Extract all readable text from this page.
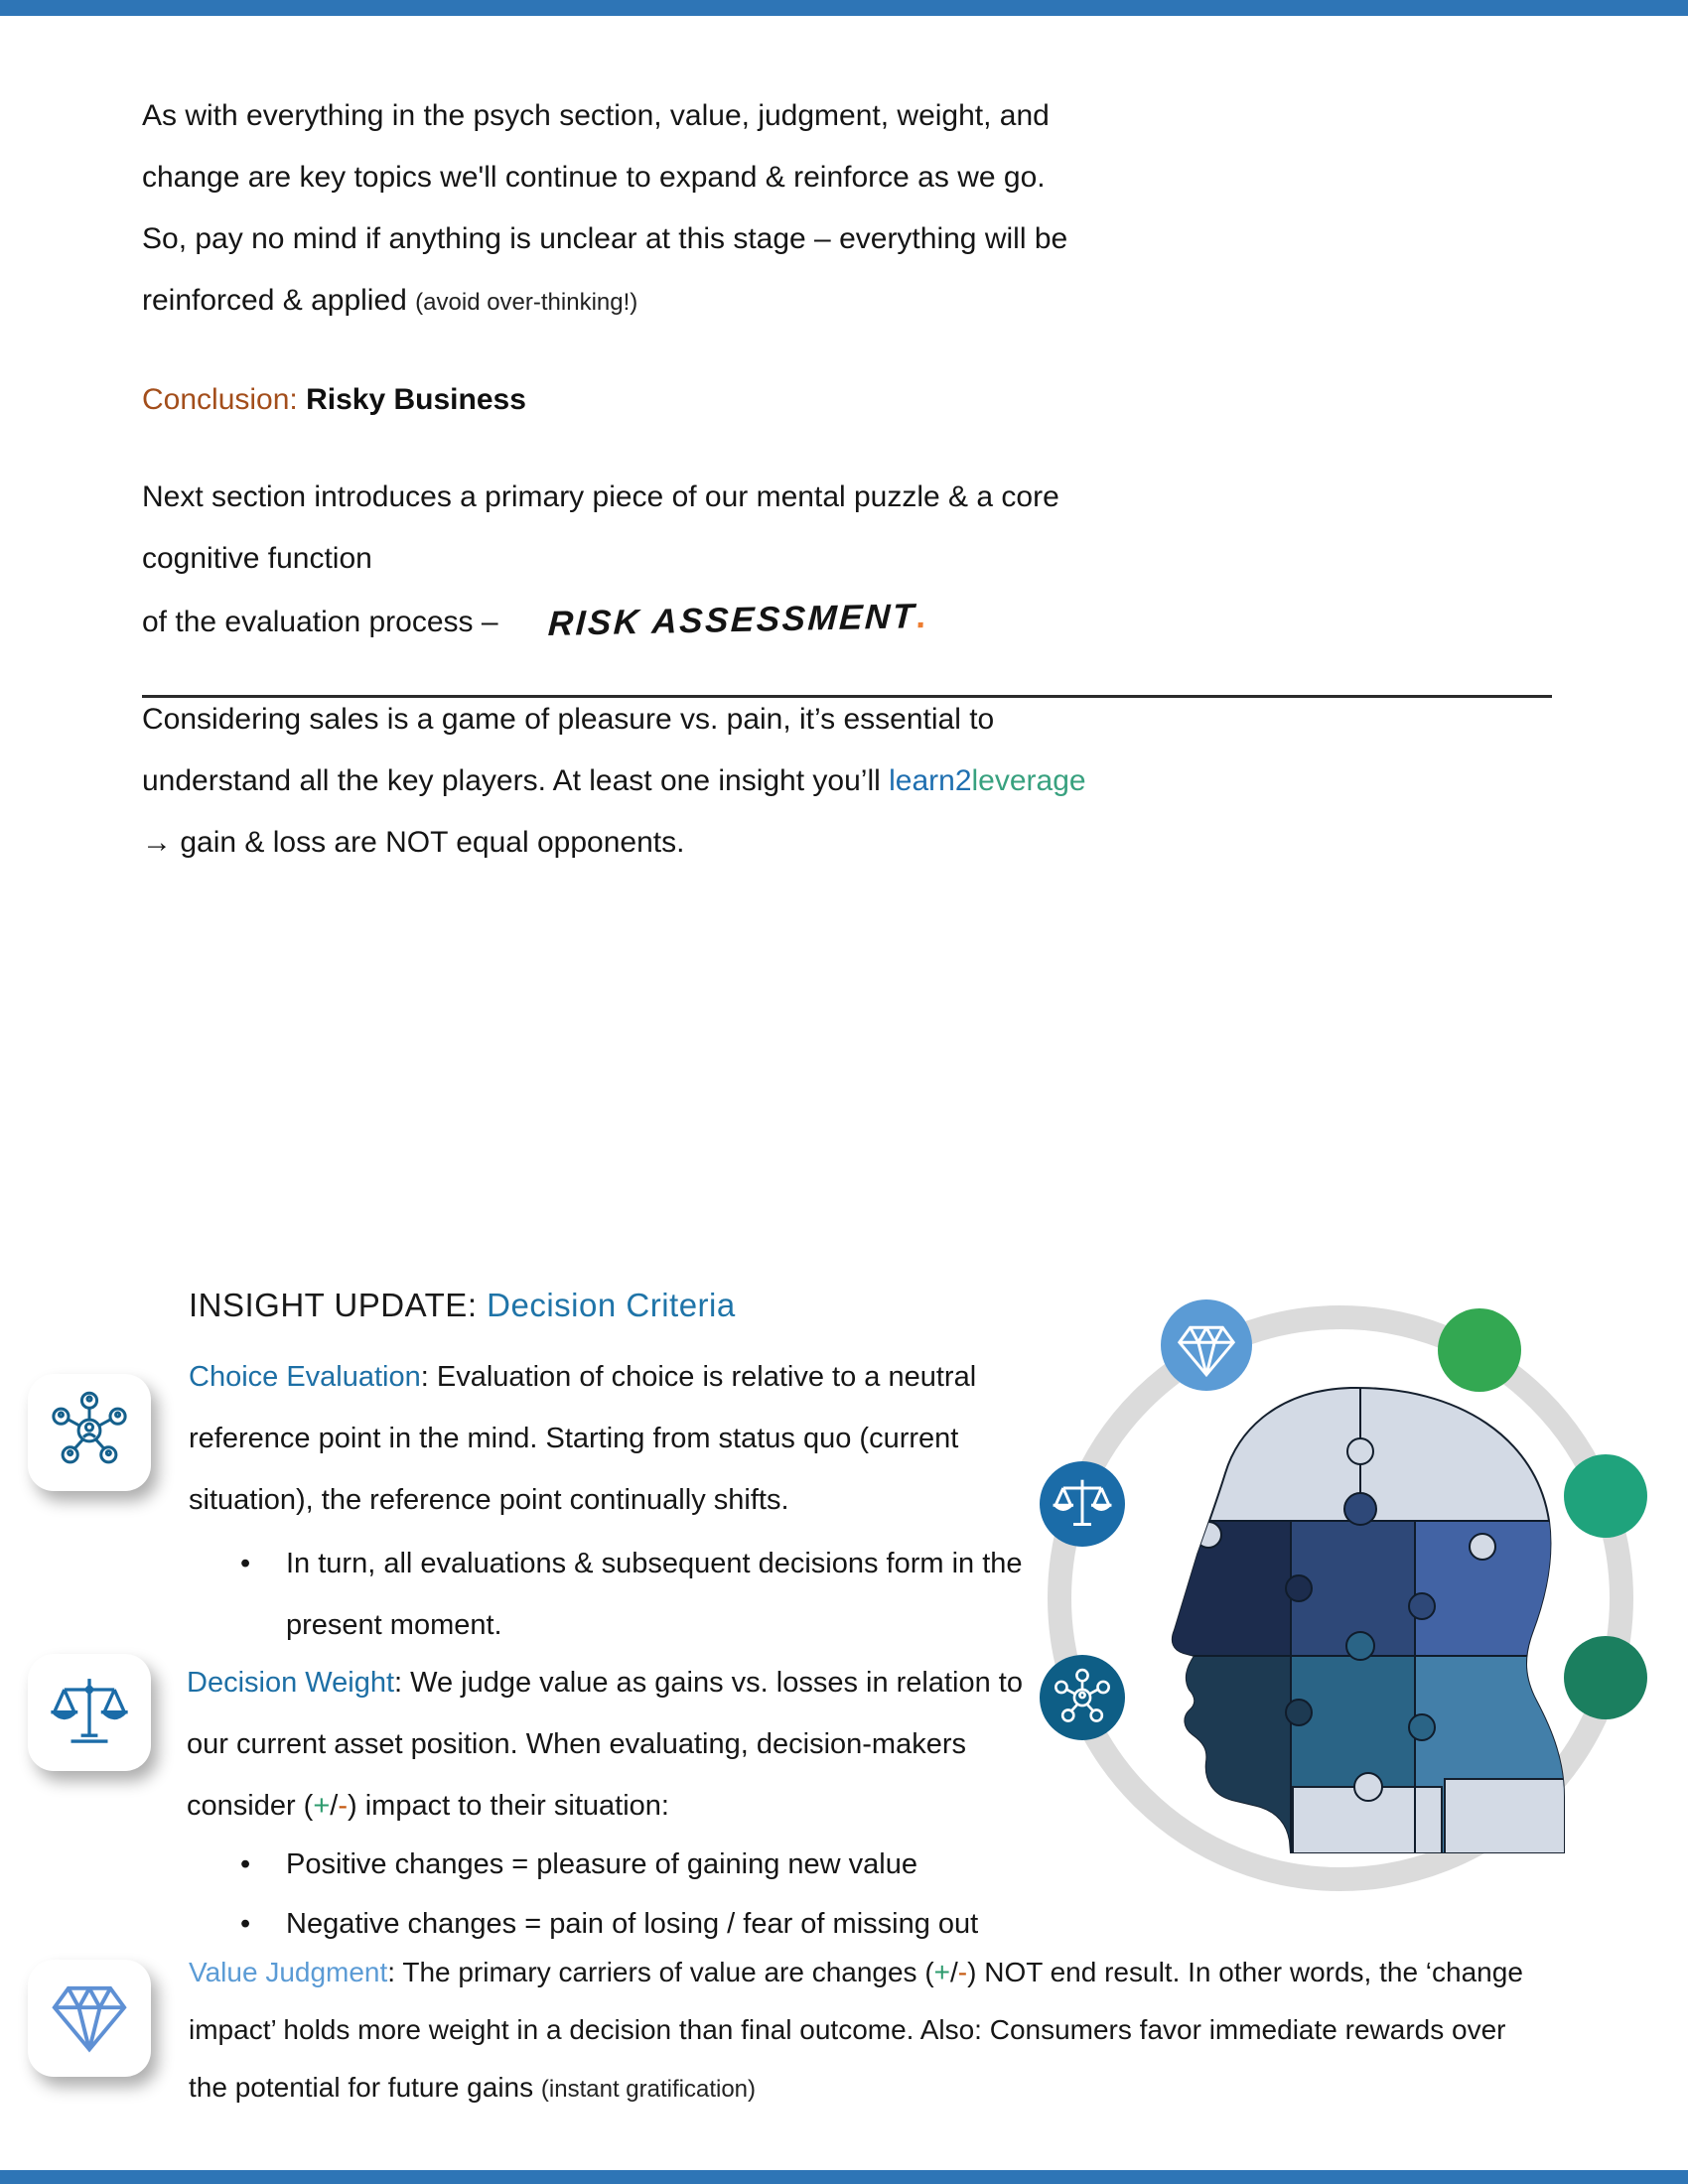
As with everything in the psych section, value, judgment, weight, and change are key topics we'll continue to expand & reinforce as we go. So, pay no mind if anything is unclear at this stage – everything will be reinforced & applied (avoid over-thinking!)

Conclusion: Risky Business

Next section introduces a primary piece of our mental puzzle & a core cognitive function
of the evaluation process – RISK ASSESSMENT.

Considering sales is a game of pleasure vs. pain, it’s essential to understand all the key players. At least one insight you’ll learn2leverage → gain & loss are NOT equal opponents.

INSIGHT UPDATE: Decision Criteria
Choice Evaluation: Evaluation of choice is relative to a neutral reference point in the mind. Starting from status quo (current situation), the reference point continually shifts.
•	In turn, all evaluations & subsequent decisions form in the present moment.
Decision Weight: We judge value as gains vs. losses in relation to our current asset position. When evaluating, decision-makers consider (+/-) impact to their situation:
•	Positive changes = pleasure of gaining new value
•	Negative changes = pain of losing / fear of missing out
Value Judgment: The primary carriers of value are changes (+/-) NOT end result. In other words, the ‘change impact’ holds more weight in a decision than final outcome. Also: Consumers favor immediate rewards over the potential for future gains (instant gratification)
